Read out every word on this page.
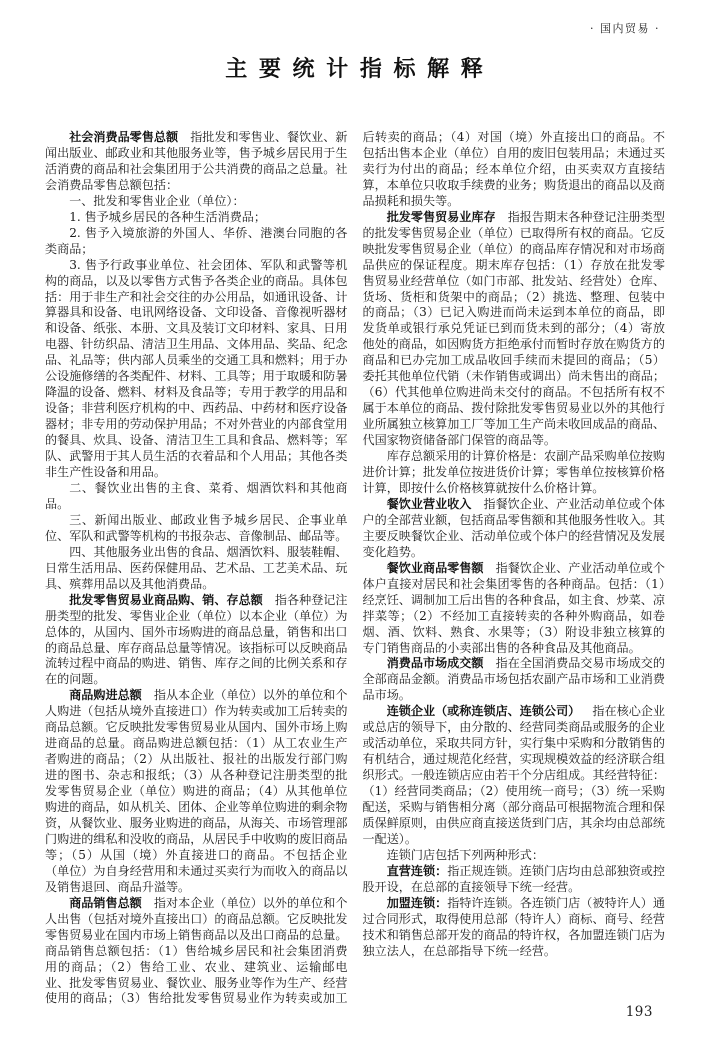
· 国内贸易 ·
主 要 统 计 指 标 解 释

社会消费品零售总额 指批发和零售业、餐饮业、新闻出版业、邮政业和其他服务业等，售予城乡居民用于生活消费的商品和社会集团用于公共消费的商品之总量。社会消费品零售总额包括：

一、批发和零售业企业（单位）：

1. 售予城乡居民的各种生活消费品；

2. 售予入境旅游的外国人、华侨、港澳台同胞的各类商品；

3. 售予行政事业单位、社会团体、军队和武警等机构的商品，以及以零售方式售予各类企业的商品。具体包括：用于非生产和社会交往的办公用品，如通讯设备、计算器具和设备、电讯网络设备、文印设备、音像视听器材和设备、纸张、本册、文具及装订文印材料、家具、日用电器、针纺织品、清洁卫生用品、文体用品、奖品、纪念品、礼品等；供内部人员乘坐的交通工具和燃料；用于办公设施修缮的各类配件、材料、工具等；用于取暖和防暑降温的设备、燃料、材料及食品等；专用于教学的用品和设备；非营利医疗机构的中、西药品、中药材和医疗设备器材；非专用的劳动保护用品；不对外营业的内部食堂用的餐具、炊具、设备、清洁卫生工具和食品、燃料等；军队、武警用于其人员生活的衣着品和个人用品；其他各类非生产性设备和用品。

二、餐饮业出售的主食、菜肴、烟酒饮料和其他商品。

三、新闻出版业、邮政业售予城乡居民、企事业单位、军队和武警等机构的书报杂志、音像制品、邮品等。

四、其他服务业出售的食品、烟酒饮料、服装鞋帽、日常生活用品、医药保健用品、艺术品、工艺美术品、玩具、殡葬用品以及其他消费品。

批发零售贸易业商品购、销、存总额 指各种登记注册类型的批发、零售业企业（单位）以本企业（单位）为总体的，从国内、国外市场购进的商品总量，销售和出口的商品总量、库存商品总量等情况。该指标可以反映商品流转过程中商品的购进、销售、库存之间的比例关系和存在的问题。

商品购进总额 指从本企业（单位）以外的单位和个人购进（包括从境外直接进口）作为转卖或加工后转卖的商品总额。它反映批发零售贸易业从国内、国外市场上购进商品的总量。商品购进总额包括：（1）从工农业生产者购进的商品；（2）从出版社、报社的出版发行部门购进的图书、杂志和报纸；（3）从各种登记注册类型的批发零售贸易企业（单位）购进的商品；（4）从其他单位购进的商品，如从机关、团体、企业等单位购进的剩余物资，从餐饮业、服务业购进的商品，从海关、市场管理部门购进的缉私和没收的商品，从居民手中收购的废旧商品等；（5）从国（境）外直接进口的商品。不包括企业（单位）为自身经营用和未通过买卖行为而收入的商品以及销售退回、商品升溢等。

商品销售总额 指对本企业（单位）以外的单位和个人出售（包括对境外直接出口）的商品总额。它反映批发零售贸易业在国内市场上销售商品以及出口商品的总量。商品销售总额包括：（1）售给城乡居民和社会集团消费用的商品；（2）售给工业、农业、建筑业、运输邮电业、批发零售贸易业、餐饮业、服务业等作为生产、经营使用的商品；（3）售给批发零售贸易业作为转卖或加工后转卖的商品；（4）对国（境）外直接出口的商品。不包括出售本企业（单位）自用的废旧包装用品；未通过买卖行为付出的商品；经本单位介绍，由买卖双方直接结算，本单位只收取手续费的业务；购货退出的商品以及商品损耗和损失等。

批发零售贸易业库存 指报告期末各种登记注册类型的批发零售贸易企业（单位）已取得所有权的商品。它反映批发零售贸易企业（单位）的商品库存情况和对市场商品供应的保证程度。期末库存包括：（1）存放在批发零售贸易业经营单位（如门市部、批发站、经营处）仓库、货场、货柜和货架中的商品；（2）挑选、整理、包装中的商品；（3）已记入购进而尚未运到本单位的商品，即发货单或银行承兑凭证已到而货未到的部分；（4）寄放他处的商品，如因购货方拒绝承付而暂时存放在购货方的商品和已办完加工成品收回手续而未提回的商品；（5）委托其他单位代销（未作销售或调出）尚未售出的商品；（6）代其他单位购进尚未交付的商品。不包括所有权不属于本单位的商品、拨付除批发零售贸易业以外的其他行业所属独立核算加工厂等加工生产尚未收回成品的商品、代国家物资储备部门保管的商品等。

库存总额采用的计算价格是：农副产品采购单位按购进价计算；批发单位按进货价计算；零售单位按核算价格计算，即按什么价格核算就按什么价格计算。

餐饮业营业收入 指餐饮企业、产业活动单位或个体户的全部营业额，包括商品零售额和其他服务性收入。其主要反映餐饮企业、活动单位或个体户的经营情况及发展变化趋势。

餐饮业商品零售额 指餐饮企业、产业活动单位或个体户直接对居民和社会集团零售的各种商品。包括：（1）经烹饪、调制加工后出售的各种食品，如主食、炒菜、凉拌菜等；（2）不经加工直接转卖的各种外购商品，如卷烟、酒、饮料、熟食、水果等；（3）附设非独立核算的专门销售商品的小卖部出售的各种食品及其他商品。

消费品市场成交额 指在全国消费品交易市场成交的全部商品金额。消费品市场包括农副产品市场和工业消费品市场。

连锁企业（或称连锁店、连锁公司） 指在核心企业或总店的领导下，由分散的、经营同类商品或服务的企业或活动单位，采取共同方针，实行集中采购和分散销售的有机结合，通过规范化经营，实现规模效益的经济联合组织形式。一般连锁店应由若干个分店组成。其经营特征：（1）经营同类商品；（2）使用统一商号；（3）统一采购配送，采购与销售相分离（部分商品可根据物流合理和保质保鲜原则，由供应商直接送货到门店，其余均由总部统一配送）。

连锁门店包括下列两种形式：

直营连锁：指正规连锁。连锁门店均由总部独资或控股开设，在总部的直接领导下统一经营。

加盟连锁：指特许连锁。各连锁门店（被特许人）通过合同形式，取得使用总部（特许人）商标、商号、经营技术和销售总部开发的商品的特许权，各加盟连锁门店为独立法人，在总部指导下统一经营。

193
